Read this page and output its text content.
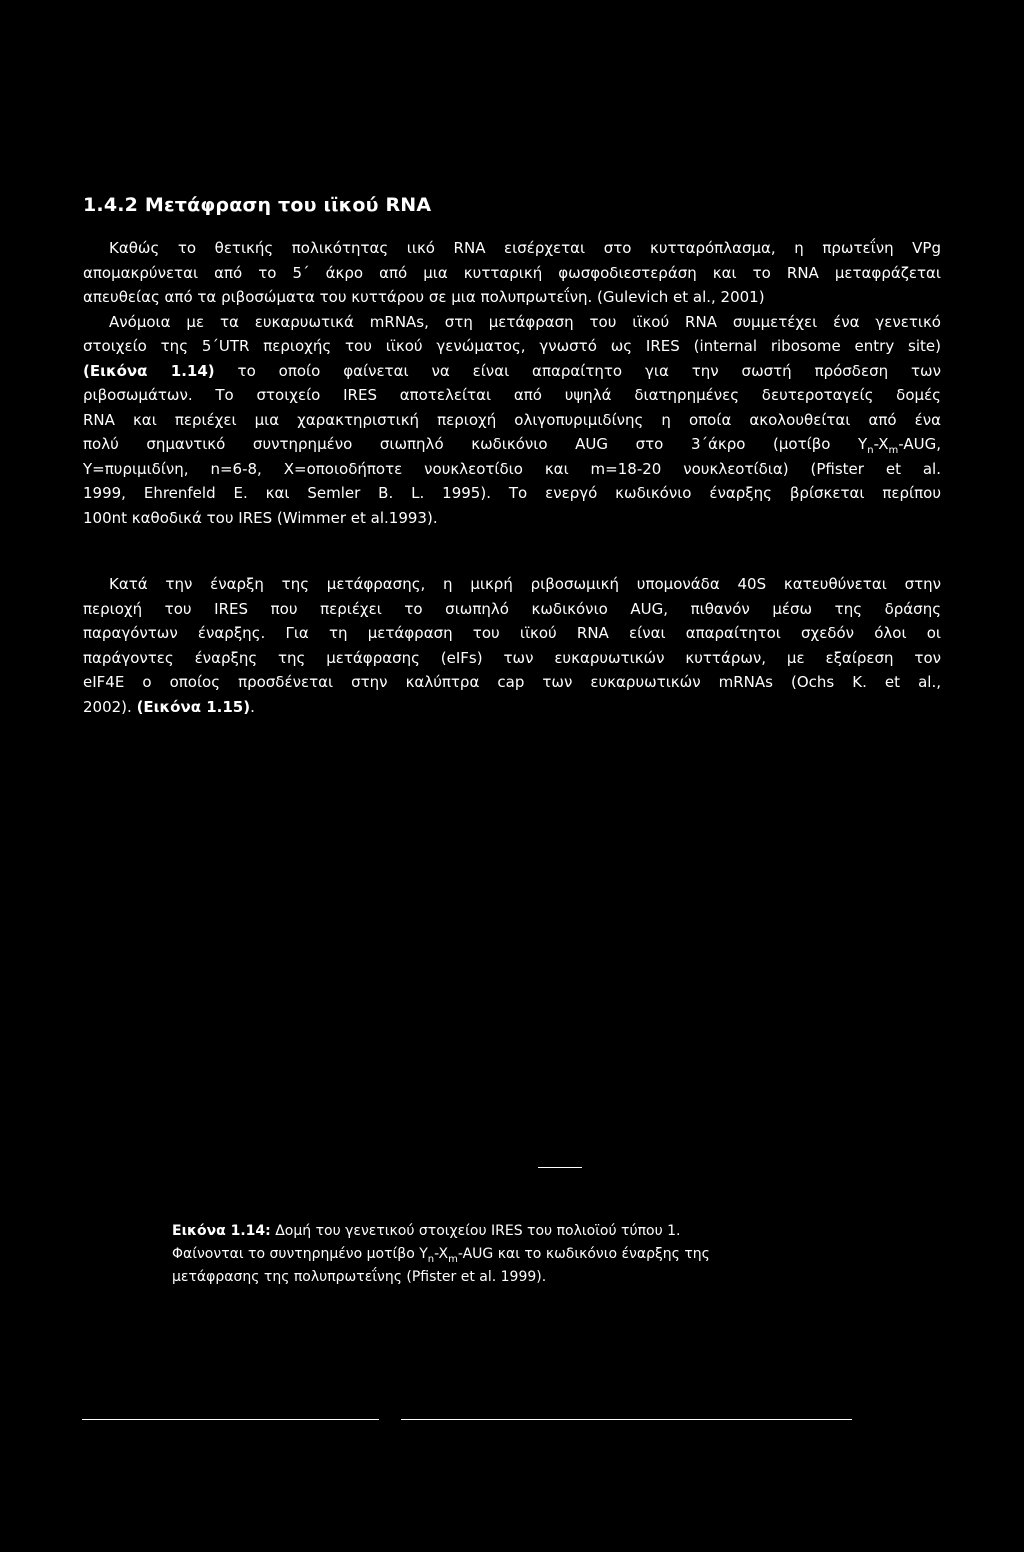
1.4.2 Μετάφραση του ιϊκού RNA
Καθώς το θετικής πολικότητας ιικό RNA εισέρχεται στο κυτταρόπλασμα, η πρωτεΐνη VPg
απομακρύνεται από το 5΄ άκρο από μια κυτταρική φωσφοδιεστεράση και το RNA μεταφράζεται
απευθείας από τα ριβοσώματα του κυττάρου σε μια πολυπρωτεΐνη. (Gulevich et al., 2001)
Ανόμοια με τα ευκαρυωτικά mRNAs, στη μετάφραση του ιϊκού RNA συμμετέχει ένα γενετικό
στοιχείο της 5΄UTR περιοχής του ιϊκού γενώματος, γνωστό ως IRES (internal ribosome entry site)
(Εικόνα 1.14) το οποίο φαίνεται να είναι απαραίτητο για την σωστή πρόσδεση των
ριβοσωμάτων. Το στοιχείο IRES αποτελείται από υψηλά διατηρημένες δευτεροταγείς δομές
RNA και περιέχει μια χαρακτηριστική περιοχή ολιγοπυριμιδίνης η οποία ακολουθείται από ένα
πολύ σημαντικό συντηρημένο σιωπηλό κωδικόνιο AUG στο 3΄άκρο (μοτίβο $Y_n-X_m$-AUG,
Y=πυριμιδίνη, n=6-8, X=οποιοδήποτε νουκλεοτίδιο και m=18-20 νουκλεοτίδια) (Pfister et al.
1999, Ehrenfeld E. και Semler B. L. 1995). Το ενεργό κωδικόνιο έναρξης βρίσκεται περίπου
100nt καθοδικά του IRES (Wimmer et al.1993).
Κατά την έναρξη της μετάφρασης, η μικρή ριβοσωμική υπομονάδα 40S κατευθύνεται στην
περιοχή του IRES που περιέχει το σιωπηλό κωδικόνιο AUG, πιθανόν μέσω της δράσης
παραγόντων έναρξης. Για τη μετάφραση του ιϊκού RNA είναι απαραίτητοι σχεδόν όλοι οι
παράγοντες έναρξης της μετάφρασης (eIFs) των ευκαρυωτικών κυττάρων, με εξαίρεση τον
eIF4E ο οποίος προσδένεται στην καλύπτρα cap των ευκαρυωτικών mRNAs (Ochs K. et al.,
2002). (Εικόνα 1.15).
Εικόνα 1.14: Δομή του γενετικού στοιχείου IRES του πολιοϊού τύπου 1.
Φαίνονται το συντηρημένο μοτίβο $Y_n-X_m$-AUG και το κωδικόνιο έναρξης της
μετάφρασης της πολυπρωτεΐνης (Pfister et al. 1999).
